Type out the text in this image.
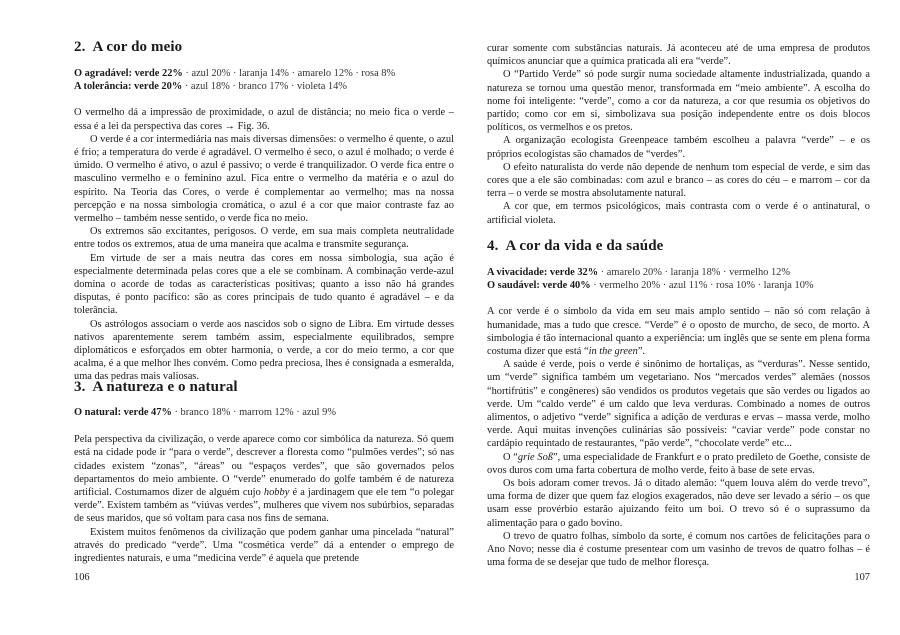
2. A cor do meio
O agradável: verde 22% · azul 20% · laranja 14% · amarelo 12% · rosa 8%
A tolerância: verde 20% · azul 18% · branco 17% · violeta 14%

O vermelho dá a impressão de proximidade, o azul de distância; no meio fica o verde – essa é a lei da perspectiva das cores → Fig. 36.

O verde é a cor intermediária nas mais diversas dimensões: o vermelho é quente, o azul é frio; a temperatura do verde é agradável. O vermelho é seco, o azul é molhado; o verde é úmido. O vermelho é ativo, o azul é passivo; o verde é tranquilizador. O verde fica entre o masculino vermelho e o feminino azul. Fica entre o vermelho da matéria e o azul do espírito. Na Teoria das Cores, o verde é complementar ao vermelho; mas na nossa percepção e na nossa simbologia cromática, o azul é a cor que maior contraste faz ao vermelho – também nesse sentido, o verde fica no meio.

Os extremos são excitantes, perigosos. O verde, em sua mais completa neutralidade entre todos os extremos, atua de uma maneira que acalma e transmite segurança.

Em virtude de ser a mais neutra das cores em nossa simbologia, sua ação é especialmente determinada pelas cores que a ele se combinam. A combinação verde-azul domina o acorde de todas as características positivas; quanto a isso não há grandes disputas, é ponto pacífico: são as cores principais de tudo quanto é agradável – e da tolerância.

Os astrólogos associam o verde aos nascidos sob o signo de Libra. Em virtude desses nativos aparentemente serem também assim, especialmente equilibrados, sempre diplomáticos e esforçados em obter harmonia, o verde, a cor do meio termo, a cor que acalma, é a que melhor lhes convém. Como pedra preciosa, lhes é consignada a esmeralda, uma das pedras mais valiosas.

3. A natureza e o natural
O natural: verde 47% · branco 18% · marrom 12% · azul 9%

Pela perspectiva da civilização, o verde aparece como cor simbólica da natureza. Só quem está na cidade pode ir “para o verde”, descrever a floresta como “pulmões verdes”; só nas cidades existem “zonas”, “áreas” ou “espaços verdes”, que são governados pelos departamentos do meio ambiente. O “verde” enumerado do golfe também é de natureza artificial. Costumamos dizer de alguém cujo hobby é a jardinagem que ele tem “o polegar verde”. Existem também as “viúvas verdes”, mulheres que vivem nos subúrbios, separadas de seus maridos, que só voltam para casa nos fins de semana.

Existem muitos fenômenos da civilização que podem ganhar uma pincelada “natural” através do predicado “verde”. Uma “cosmética verde” dá a entender o emprego de ingredientes naturais, e uma “medicina verde” é aquela que pretende

106

curar somente com substâncias naturais. Já aconteceu até de uma empresa de produtos químicos anunciar que a química praticada ali era “verde”.

O “Partido Verde” só pode surgir numa sociedade altamente industrializada, quando a natureza se tornou uma questão menor, transformada em “meio ambiente”. A escolha do nome foi inteligente: “verde”, como a cor da natureza, a cor que resumia os objetivos do partido; como cor em si, simbolizava sua posição independente entre os dois blocos políticos, os vermelhos e os pretos.

A organização ecologista Greenpeace também escolheu a palavra “verde” – e os próprios ecologistas são chamados de “verdes”.

O efeito naturalista do verde não depende de nenhum tom especial de verde, e sim das cores que a ele são combinadas: com azul e branco – as cores do céu – e marrom – cor da terra – o verde se mostra absolutamente natural.

A cor que, em termos psicológicos, mais contrasta com o verde é o antinatural, o artificial violeta.

4. A cor da vida e da saúde
A vivacidade: verde 32% · amarelo 20% · laranja 18% · vermelho 12%
O saudável: verde 40% · vermelho 20% · azul 11% · rosa 10% · laranja 10%

A cor verde é o símbolo da vida em seu mais amplo sentido – não só com relação à humanidade, mas a tudo que cresce. “Verde” é o oposto de murcho, de seco, de morto. A simbologia é tão internacional quanto a experiência: um inglês que se sente em plena forma costuma dizer que está “in the green”.

A saúde é verde, pois o verde é sinônimo de hortaliças, as “verduras”. Nesse sentido, um “verde” significa também um vegetariano. Nos “mercados verdes” alemães (nossos “hortifrútis” e congêneres) são vendidos os produtos vegetais que são verdes ou ligados ao verde. Um “caldo verde” é um caldo que leva verduras. Combinado a nomes de outros alimentos, o adjetivo “verde” significa a adição de verduras e ervas – massa verde, molho verde. Aqui muitas invenções culinárias são possíveis: “caviar verde” pode constar no cardápio requintado de restaurantes, “pão verde”, “chocolate verde” etc...

O “grie Soß”, uma especialidade de Frankfurt e o prato predileto de Goethe, consiste de ovos duros com uma farta cobertura de molho verde, feito à base de sete ervas.

Os bois adoram comer trevos. Já o ditado alemão: “quem louva além do verde trevo”, uma forma de dizer que quem faz elogios exagerados, não deve ser levado a sério – os que usam esse provérbio estarão ajuizando feito um boi. O trevo só é o suprassumo da alimentação para o gado bovino.

O trevo de quatro folhas, símbolo da sorte, é comum nos cartões de felicitações para o Ano Novo; nesse dia é costume presentear com um vasinho de trevos de quatro folhas – é uma forma de se desejar que tudo de melhor floresça.

107
